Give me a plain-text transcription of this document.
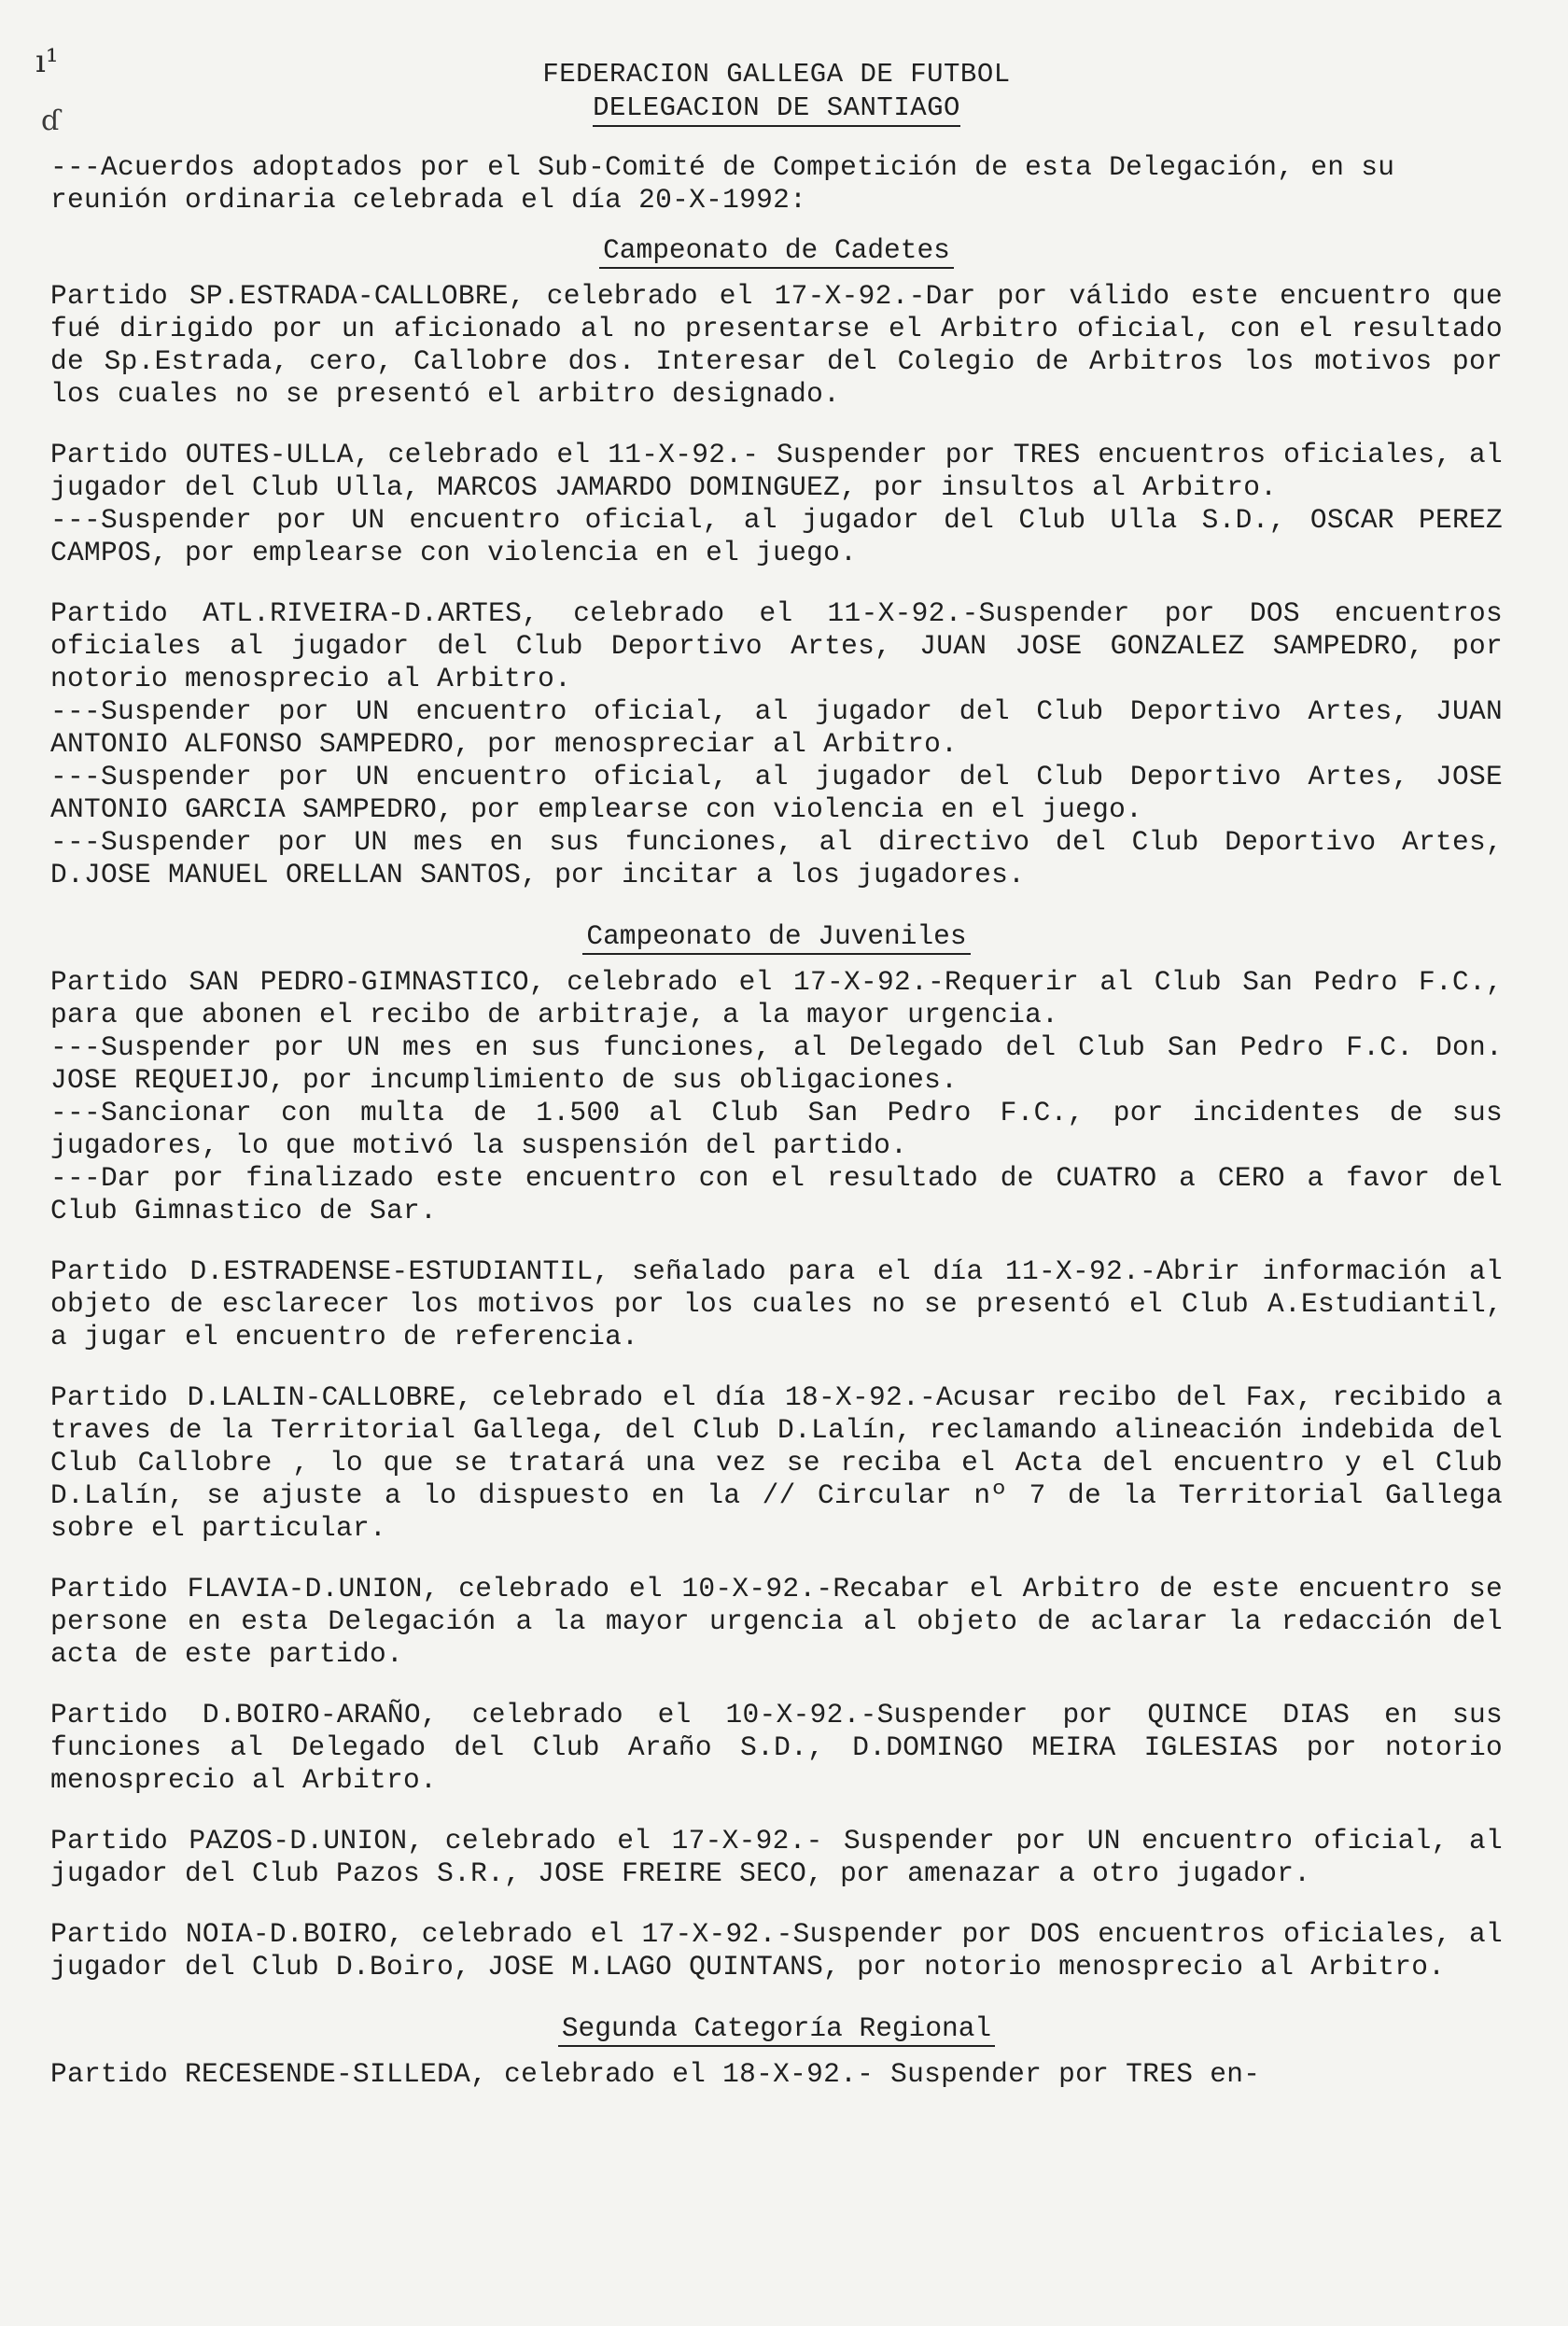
ı¹
ɗ
FEDERACION GALLEGA DE FUTBOL
DELEGACION DE SANTIAGO

---Acuerdos adoptados por el Sub-Comité de Competición de esta Delegación, en su reunión ordinaria celebrada el día 20-X-1992:

Campeonato de Cadetes

Partido SP.ESTRADA-CALLOBRE, celebrado el 17-X-92.-Dar por válido este encuentro que fué dirigido por un aficionado al no presentarse el Arbitro oficial, con el resultado de Sp.Estrada, cero, Callobre dos. Interesar del Colegio de Arbitros los motivos por los cuales no se presentó el arbitro designado.

Partido OUTES-ULLA, celebrado el 11-X-92.- Suspender por TRES encuentros oficiales, al jugador del Club Ulla, MARCOS JAMARDO DOMINGUEZ, por insultos al Arbitro.

---Suspender por UN encuentro oficial, al jugador del Club Ulla S.D., OSCAR PEREZ CAMPOS, por emplearse con violencia en el juego.

Partido ATL.RIVEIRA-D.ARTES, celebrado el 11-X-92.-Suspender por DOS encuentros oficiales al jugador del Club Deportivo Artes, JUAN JOSE GONZALEZ SAMPEDRO, por notorio menosprecio al Arbitro.

---Suspender por UN encuentro oficial, al jugador del Club Deportivo Artes, JUAN ANTONIO ALFONSO SAMPEDRO, por menospreciar al Arbitro.

---Suspender por UN encuentro oficial, al jugador del Club Deportivo Artes, JOSE ANTONIO GARCIA SAMPEDRO, por emplearse con violencia en el juego.

---Suspender por UN mes en sus funciones, al directivo del Club Deportivo Artes, D.JOSE MANUEL ORELLAN SANTOS, por incitar a los jugadores.

Campeonato de Juveniles

Partido SAN PEDRO-GIMNASTICO, celebrado el 17-X-92.-Requerir al Club San Pedro F.C., para que abonen el recibo de arbitraje, a la mayor urgencia.

---Suspender por UN mes en sus funciones, al Delegado del Club San Pedro F.C. Don. JOSE REQUEIJO, por incumplimiento de sus obligaciones.

---Sancionar con multa de 1.500 al Club San Pedro F.C., por incidentes de sus jugadores, lo que motivó la suspensión del partido.

---Dar por finalizado este encuentro con el resultado de CUATRO a CERO a favor del Club Gimnastico de Sar.

Partido D.ESTRADENSE-ESTUDIANTIL, señalado para el día 11-X-92.-Abrir información al objeto de esclarecer los motivos por los cuales no se presentó el Club A.Estudiantil, a jugar el encuentro de referencia.

Partido D.LALIN-CALLOBRE, celebrado el día 18-X-92.-Acusar recibo del Fax, recibido a traves de la Territorial Gallega, del Club D.Lalín, reclamando alineación indebida del Club Callobre , lo que se tratará una vez se reciba el Acta del encuentro y el Club D.Lalín, se ajuste a lo dispuesto en la // Circular nº 7 de la Territorial Gallega sobre el particular.

Partido FLAVIA-D.UNION, celebrado el 10-X-92.-Recabar el Arbitro de este encuentro se persone en esta Delegación a la mayor urgencia al objeto de aclarar la redacción del acta de este partido.

Partido D.BOIRO-ARAÑO, celebrado el 10-X-92.-Suspender por QUINCE DIAS en sus funciones al Delegado del Club Araño S.D., D.DOMINGO MEIRA IGLESIAS por notorio menosprecio al Arbitro.

Partido PAZOS-D.UNION, celebrado el 17-X-92.- Suspender por UN encuentro oficial, al jugador del Club Pazos S.R., JOSE FREIRE SECO, por amenazar a otro jugador.

Partido NOIA-D.BOIRO, celebrado el 17-X-92.-Suspender por DOS encuentros oficiales, al jugador del Club D.Boiro, JOSE M.LAGO QUINTANS, por notorio menosprecio al Arbitro.

Segunda Categoría Regional

Partido RECESENDE-SILLEDA, celebrado el 18-X-92.- Suspender por TRES en-
